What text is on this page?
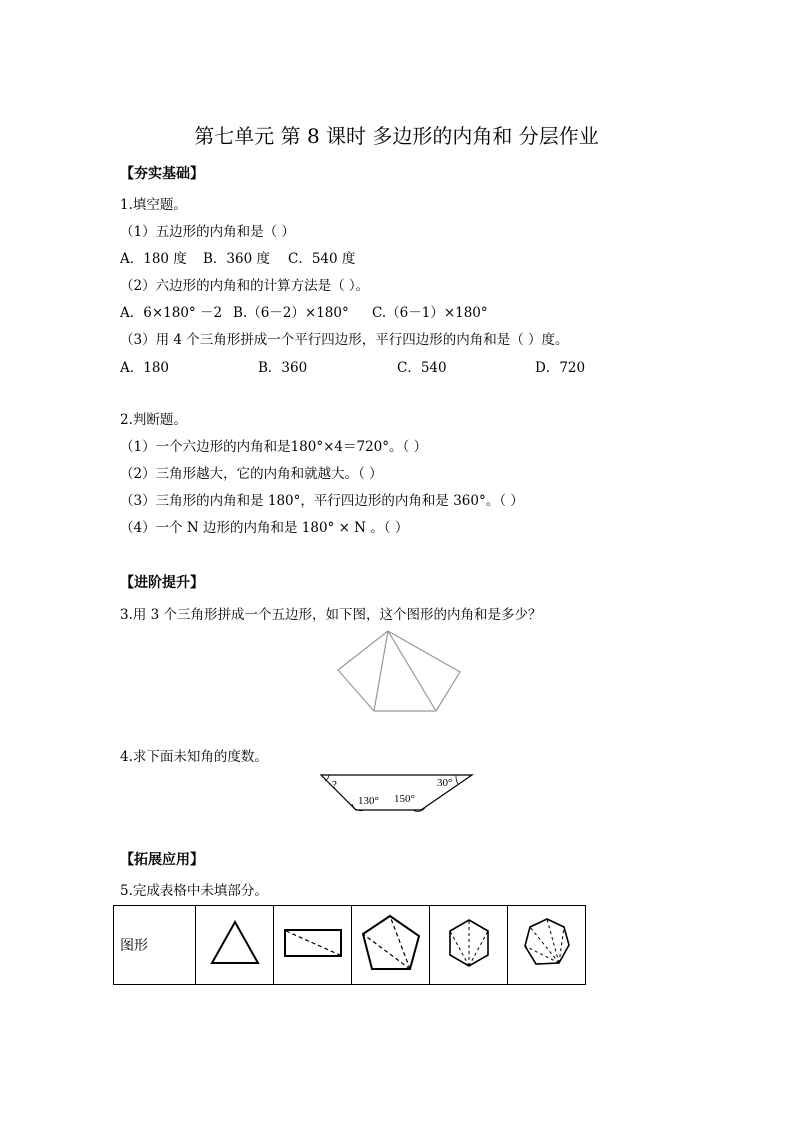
第七单元 第 8 课时 多边形的内角和 分层作业
【夯实基础】
1.填空题。
（1）五边形的内角和是（ ）
A．180 度 B．360 度 C．540 度
（2）六边形的内角和的计算方法是（ ）。
A．6×180° －2 B.（6－2）×180° C.（6－1）×180°
（3）用 4 个三角形拼成一个平行四边形，平行四边形的内角和是（ ）度。
A．180	B．360	C．540	D．720
2.判断题。
（1）一个六边形的内角和是180°×4＝720°。（ ）
（2）三角形越大，它的内角和就越大。（ ）
（3）三角形的内角和是 180°，平行四边形的内角和是 360°。（ ）
（4）一个 N 边形的内角和是 180° × N 。（ ）
【进阶提升】
3.用 3 个三角形拼成一个五边形，如下图，这个图形的内角和是多少？
4.求下面未知角的度数。
?	30°
130° 150°
【拓展应用】
5.完成表格中未填部分。
图形					
